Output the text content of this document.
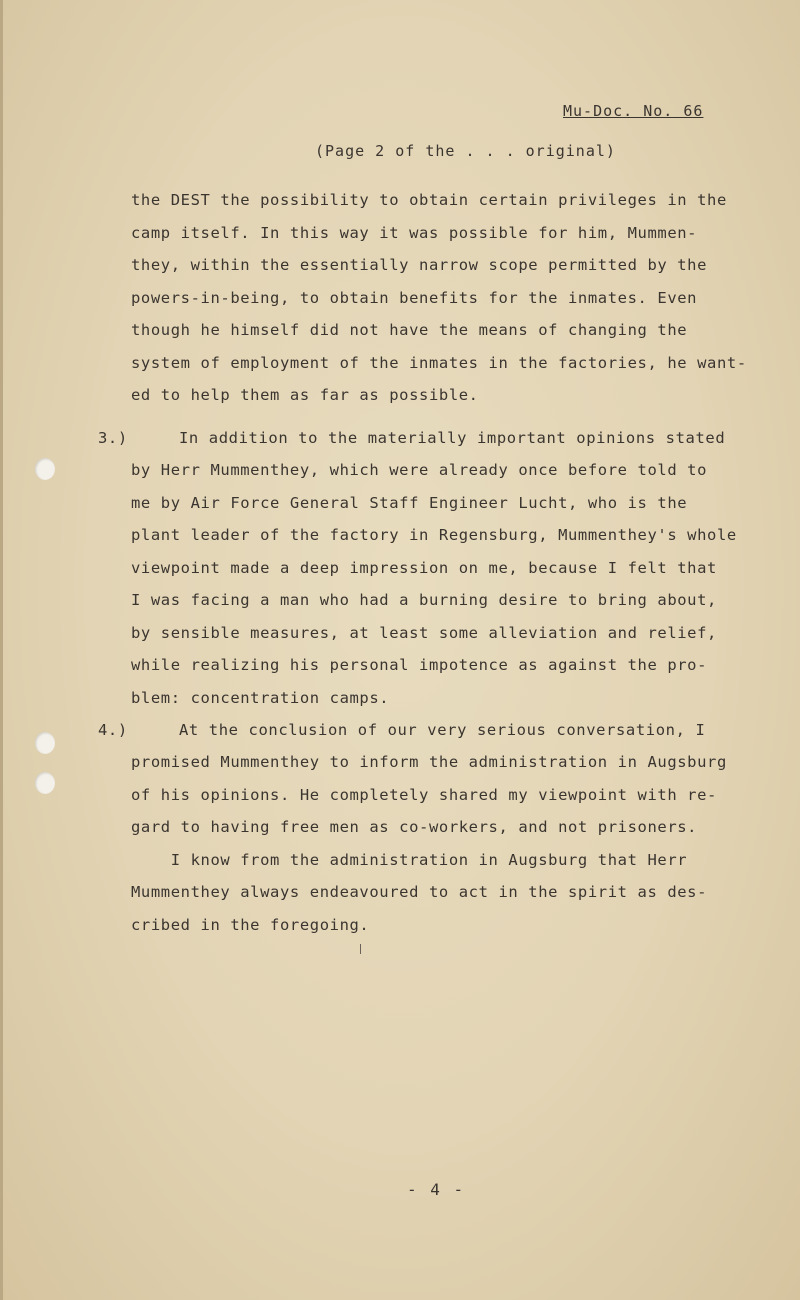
Mu-Doc. No. 66
(Page 2 of the . . . original)
the DEST the possibility to obtain certain privileges in the
camp itself. In this way it was possible for him, Mummen-
they, within the essentially narrow scope permitted by the
powers-in-being, to obtain benefits for the inmates. Even
though he himself did not have the means of changing the
system of employment of the inmates in the factories, he want-
ed to help them as far as possible.
3.)	In addition to the materially important opinions stated
by Herr Mummenthey, which were already once before told to
me by Air Force General Staff Engineer Lucht, who is the
plant leader of the factory in Regensburg, Mummenthey's whole
viewpoint made a deep impression on me, because I felt that
I was facing a man who had a burning desire to bring about,
by sensible measures, at least some alleviation and relief,
while realizing his personal impotence as against the pro-
blem: concentration camps.
4.)	At the conclusion of our very serious conversation, I
promised Mummenthey to inform the administration in Augsburg
of his opinions. He completely shared my viewpoint with re-
gard to having free men as co-workers, and not prisoners.
I know from the administration in Augsburg that Herr
Mummenthey always endeavoured to act in the spirit as des-
cribed in the foregoing.
- 4 -
